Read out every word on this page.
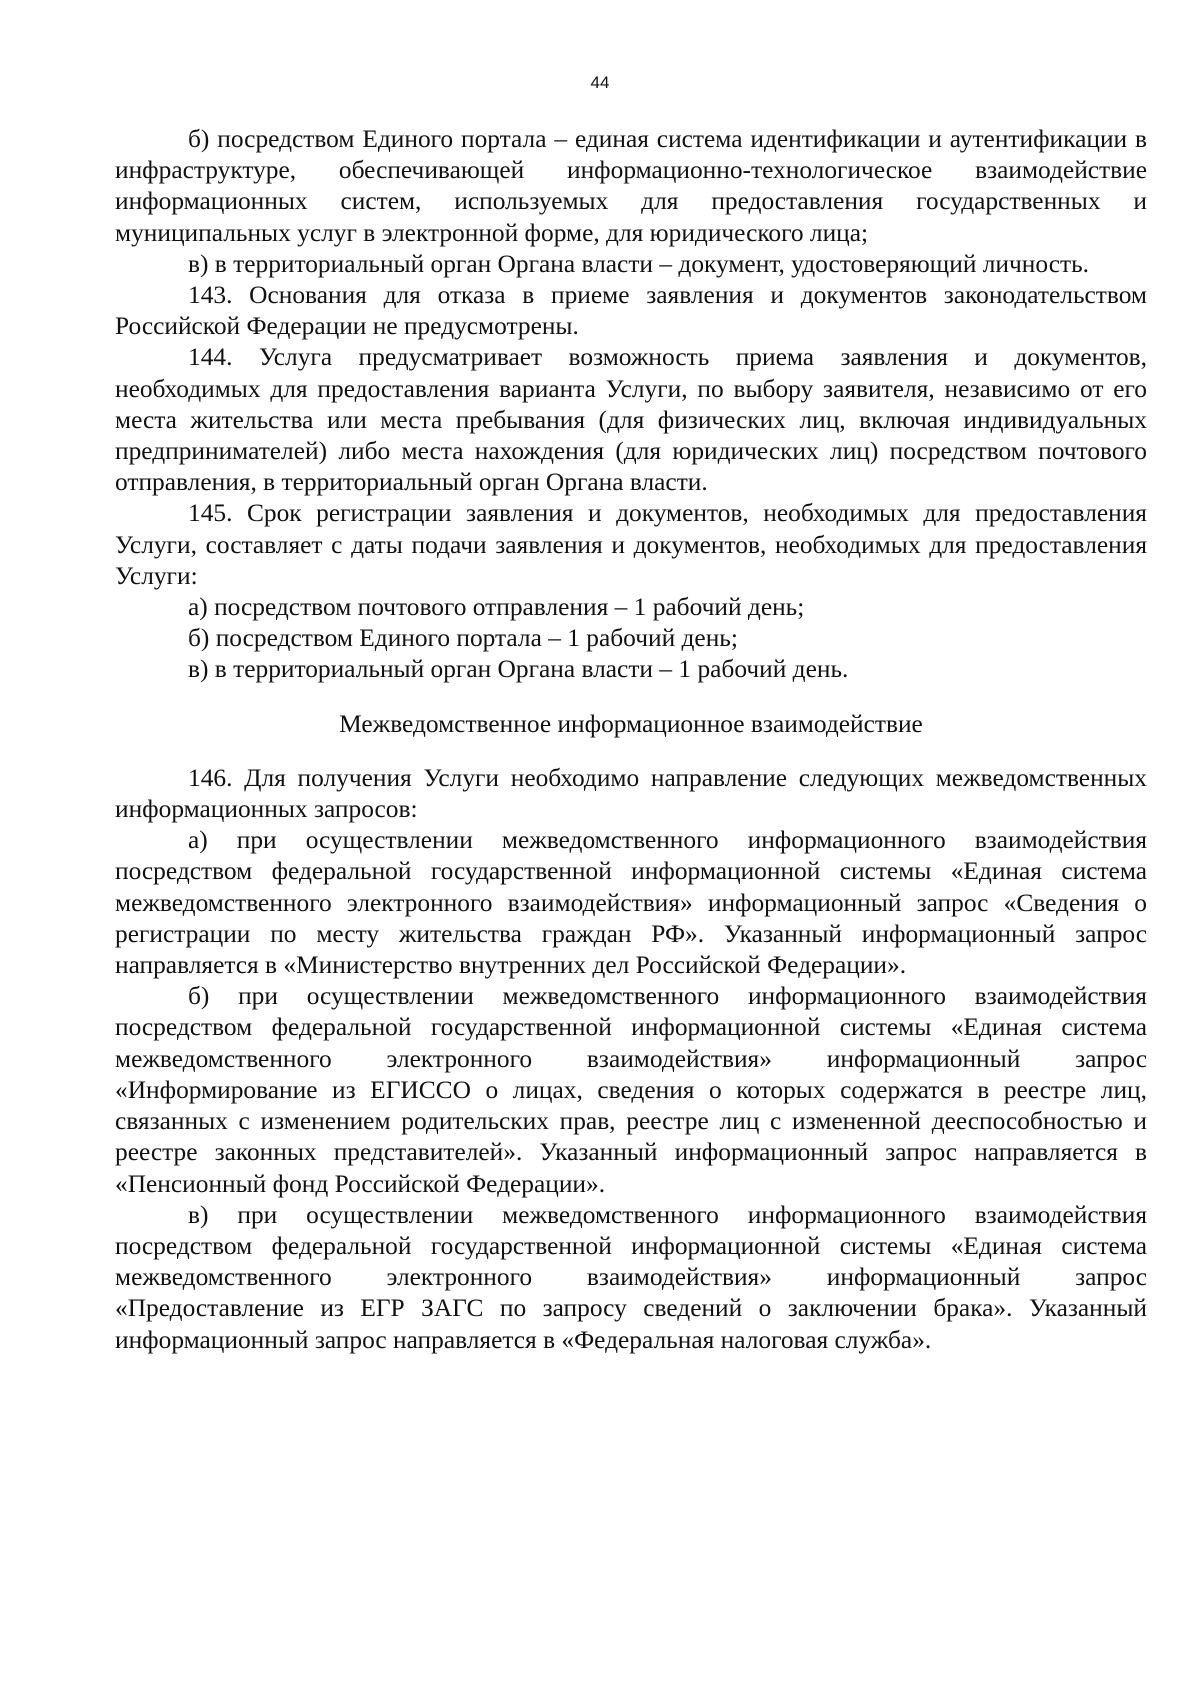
44

б) посредством Единого портала – единая система идентификации и аутентификации в инфраструктуре, обеспечивающей информационно-технологическое взаимодействие информационных систем, используемых для предоставления государственных и муниципальных услуг в электронной форме, для юридического лица;

в) в территориальный орган Органа власти – документ, удостоверяющий личность.

143. Основания для отказа в приеме заявления и документов законодательством Российской Федерации не предусмотрены.

144. Услуга предусматривает возможность приема заявления и документов, необходимых для предоставления варианта Услуги, по выбору заявителя, независимо от его места жительства или места пребывания (для физических лиц, включая индивидуальных предпринимателей) либо места нахождения (для юридических лиц) посредством почтового отправления, в территориальный орган Органа власти.

145. Срок регистрации заявления и документов, необходимых для предоставления Услуги, составляет с даты подачи заявления и документов, необходимых для предоставления Услуги:

а) посредством почтового отправления – 1 рабочий день;

б) посредством Единого портала – 1 рабочий день;

в) в территориальный орган Органа власти – 1 рабочий день.

Межведомственное информационное взаимодействие

146. Для получения Услуги необходимо направление следующих межведомственных информационных запросов:

а) при осуществлении межведомственного информационного взаимодействия посредством федеральной государственной информационной системы «Единая система межведомственного электронного взаимодействия» информационный запрос «Сведения о регистрации по месту жительства граждан РФ». Указанный информационный запрос направляется в «Министерство внутренних дел Российской Федерации».

б) при осуществлении межведомственного информационного взаимодействия посредством федеральной государственной информационной системы «Единая система межведомственного электронного взаимодействия» информационный запрос «Информирование из ЕГИССО о лицах, сведения о которых содержатся в реестре лиц, связанных с изменением родительских прав, реестре лиц с измененной дееспособностью и реестре законных представителей». Указанный информационный запрос направляется в «Пенсионный фонд Российской Федерации».

в) при осуществлении межведомственного информационного взаимодействия посредством федеральной государственной информационной системы «Единая система межведомственного электронного взаимодействия» информационный запрос «Предоставление из ЕГР ЗАГС по запросу сведений о заключении брака». Указанный информационный запрос направляется в «Федеральная налоговая служба».
